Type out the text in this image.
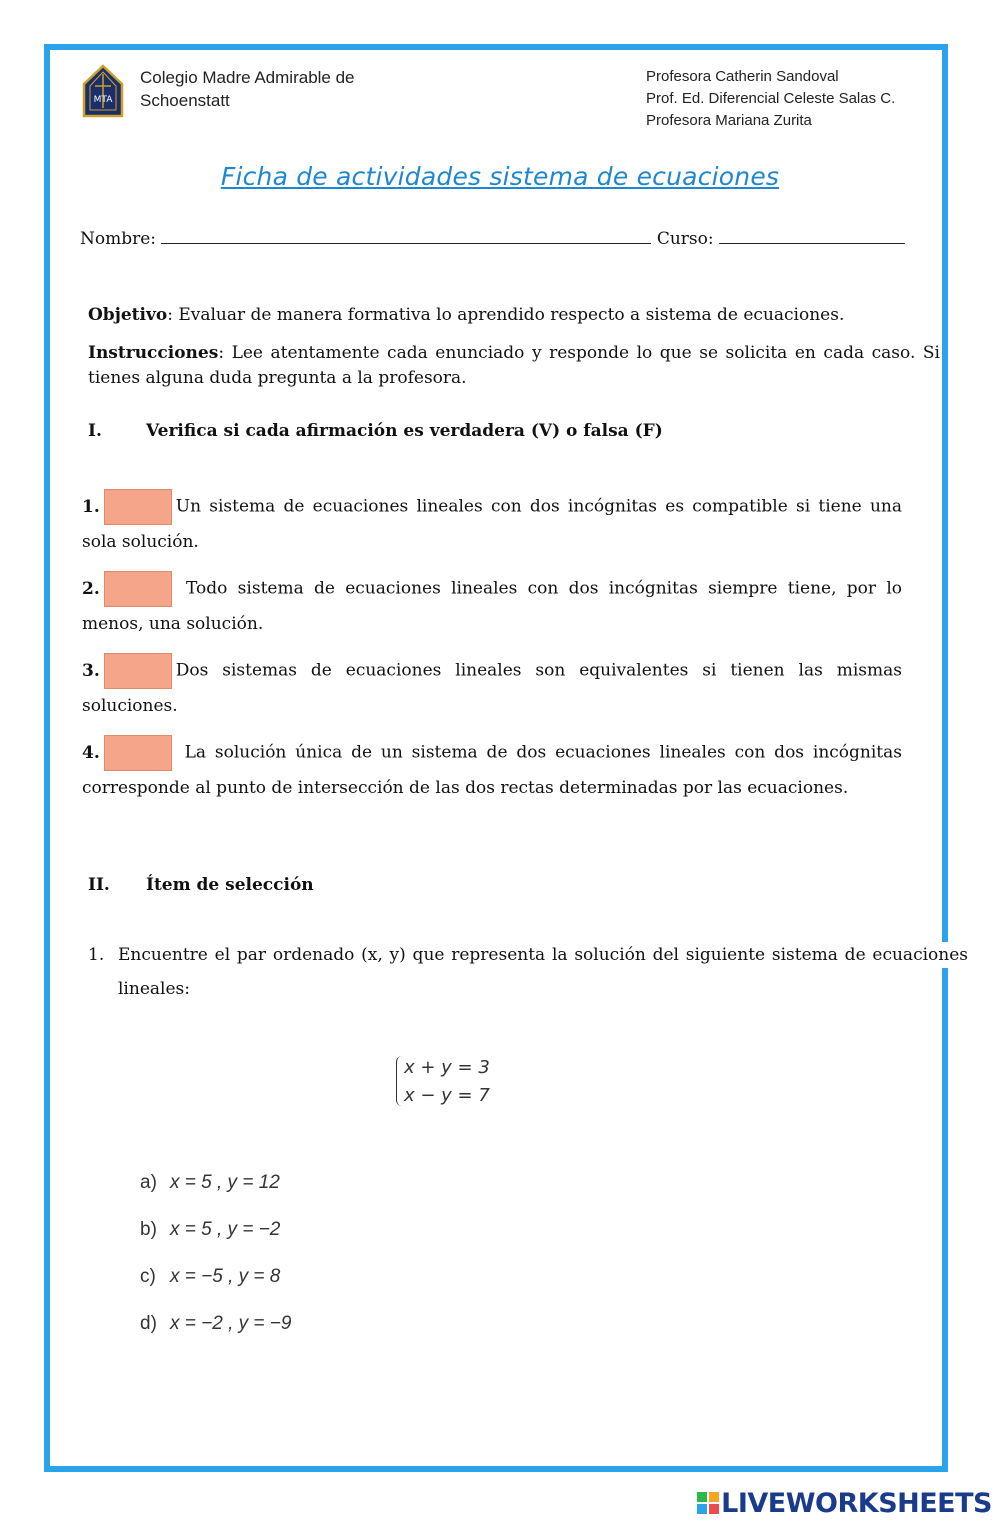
MTA
Colegio Madre Admirable de
Schoenstatt
Profesora Catherin Sandoval
Prof. Ed. Diferencial Celeste Salas C.
Profesora Mariana Zurita
Ficha de actividades sistema de ecuaciones
Nombre:	Curso:
Objetivo: Evaluar de manera formativa lo aprendido respecto a sistema de ecuaciones.
Instrucciones: Lee atentamente cada enunciado y responde lo que se solicita en cada caso. Si tienes alguna duda pregunta a la profesora.
I.	Verifica si cada afirmación es verdadera (V) o falsa (F)
1.	Un sistema de ecuaciones lineales con dos incógnitas es compatible si tiene una sola solución.
2.	Todo sistema de ecuaciones lineales con dos incógnitas siempre tiene, por lo menos, una solución.
3.	Dos sistemas de ecuaciones lineales son equivalentes si tienen las mismas soluciones.
4.	La solución única de un sistema de dos ecuaciones lineales con dos incógnitas corresponde al punto de intersección de las dos rectas determinadas por las ecuaciones.
II. Ítem de selección
1. Encuentre el par ordenado (x, y) que representa la solución del siguiente sistema de ecuaciones lineales:
x + y = 3
x − y = 7
a) x = 5 , y = 12
b) x = 5 , y = −2
c) x = −5 , y = 8
d) x = −2 , y = −9
LIVEWORKSHEETS
